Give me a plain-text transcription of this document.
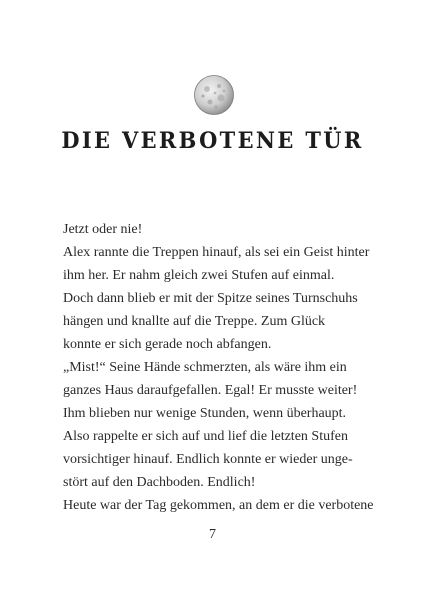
DIE VERBOTENE TÜR
Jetzt oder nie!
Alex rannte die Treppen hinauf, als sei ein Geist hinter
ihm her. Er nahm gleich zwei Stufen auf einmal.
Doch dann blieb er mit der Spitze seines Turnschuhs
hängen und knallte auf die Treppe. Zum Glück
konnte er sich gerade noch abfangen.
„Mist!“ Seine Hände schmerzten, als wäre ihm ein
ganzes Haus daraufgefallen. Egal! Er musste weiter!
Ihm blieben nur wenige Stunden, wenn überhaupt.
Also rappelte er sich auf und lief die letzten Stufen
vorsichtiger hinauf. Endlich konnte er wieder unge-
stört auf den Dachboden. Endlich!
Heute war der Tag gekommen, an dem er die verbotene
7
